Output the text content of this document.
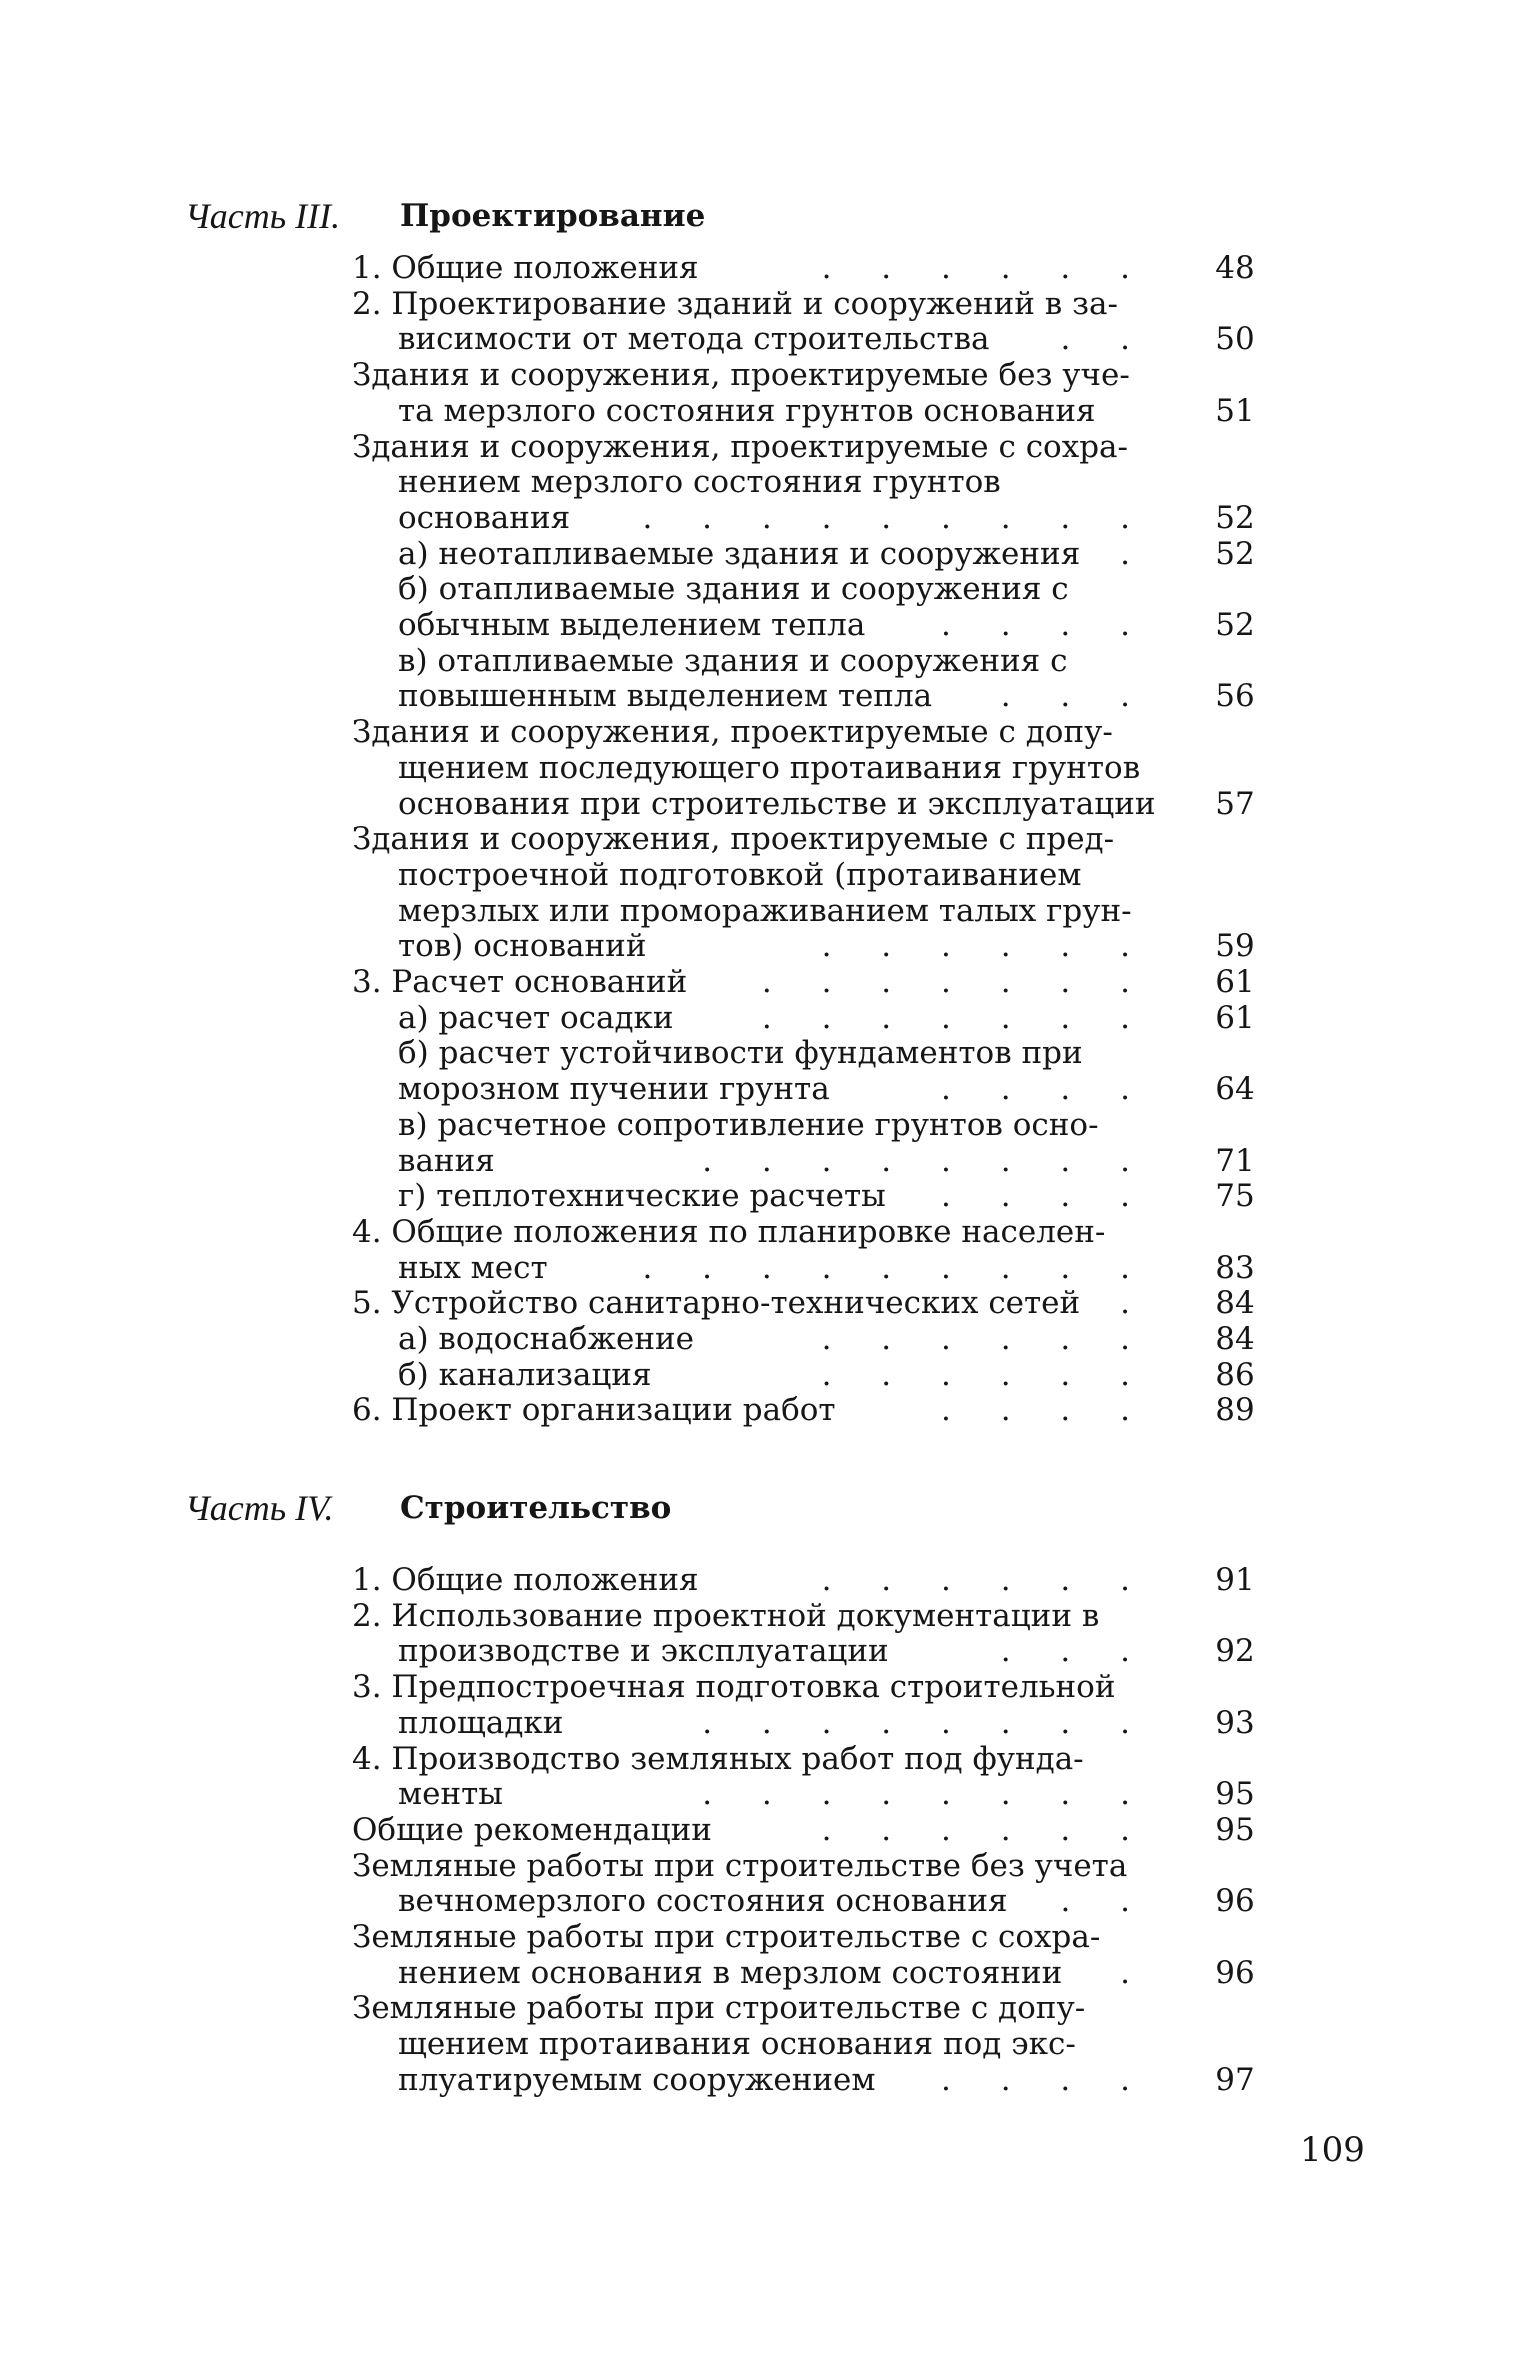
Часть III. Проектирование
1. Общие положения	. . . . . .	48
2. Проектирование зданий и сооружений в за-
висимости от метода строительства . .	50
Здания и сооружения, проектируемые без уче-
та мерзлого состояния грунтов основания	51
Здания и сооружения, проектируемые с сохра-
нением мерзлого состояния грунтов
основания . . . . . . . . .	52
а) неотапливаемые здания и сооружения .	52
б) отапливаемые здания и сооружения с
обычным выделением тепла . . . .	52
в) отапливаемые здания и сооружения с
повышенным выделением тепла . . .	56
Здания и сооружения, проектируемые с допу-
щением последующего протаивания грунтов
основания при строительстве и эксплуатации	57
Здания и сооружения, проектируемые с пред-
построечной подготовкой (протаиванием
мерзлых или промораживанием талых грун-
тов) оснований	. . . . . .	59
3. Расчет оснований . . . . . . .	61
а) расчет осадки	. . . . . . .	61
б) расчет устойчивости фундаментов при
морозном пучении грунта	. . . .	64
в) расчетное сопротивление грунтов осно-
вания	. . . . . . . .	71
г) теплотехнические расчеты . . . .	75
4. Общие положения по планировке населен-
ных мест	. . . . . . . . .	83
5. Устройство санитарно-технических сетей .	84
а) водоснабжение	. . . . . .	84
б) канализация	. . . . . .	86
6. Проект организации работ	. . . .	89
Часть IV. Строительство
1. Общие положения	. . . . . .	91
2. Использование проектной документации в
производстве и эксплуатации	. . .	92
3. Предпостроечная подготовка строительной
площадки	. . . . . . . .	93
4. Производство земляных работ под фунда-
менты	. . . . . . . .	95
Общие рекомендации	. . . . . .	95
Земляные работы при строительстве без учета
вечномерзлого состояния основания . .	96
Земляные работы при строительстве с сохра-
нением основания в мерзлом состоянии .	96
Земляные работы при строительстве с допу-
щением протаивания основания под экс-
плуатируемым сооружением . . . .	97
109
